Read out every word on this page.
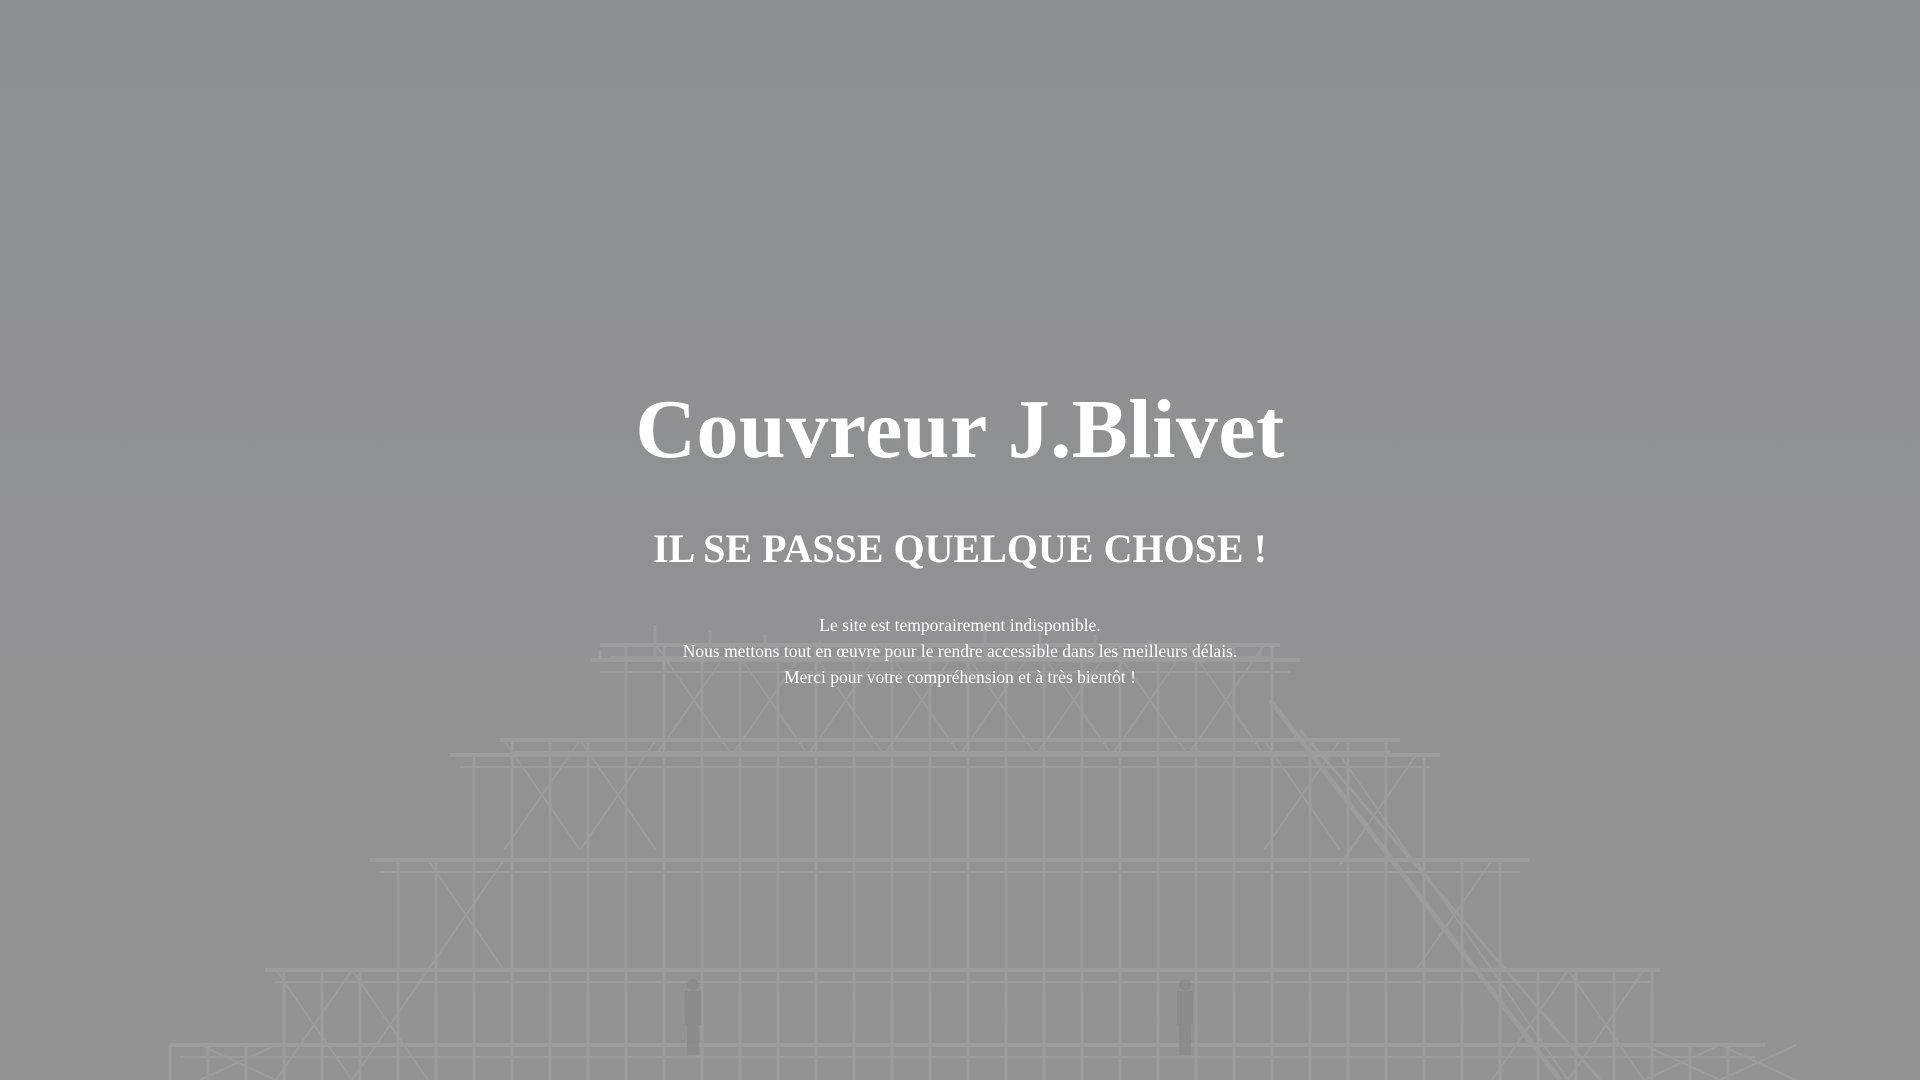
Couvreur J.Blivet
IL SE PASSE QUELQUE CHOSE !

Le site est temporairement indisponible.

Nous mettons tout en œuvre pour le rendre accessible dans les meilleurs délais.

Merci pour votre compréhension et à très bientôt !
